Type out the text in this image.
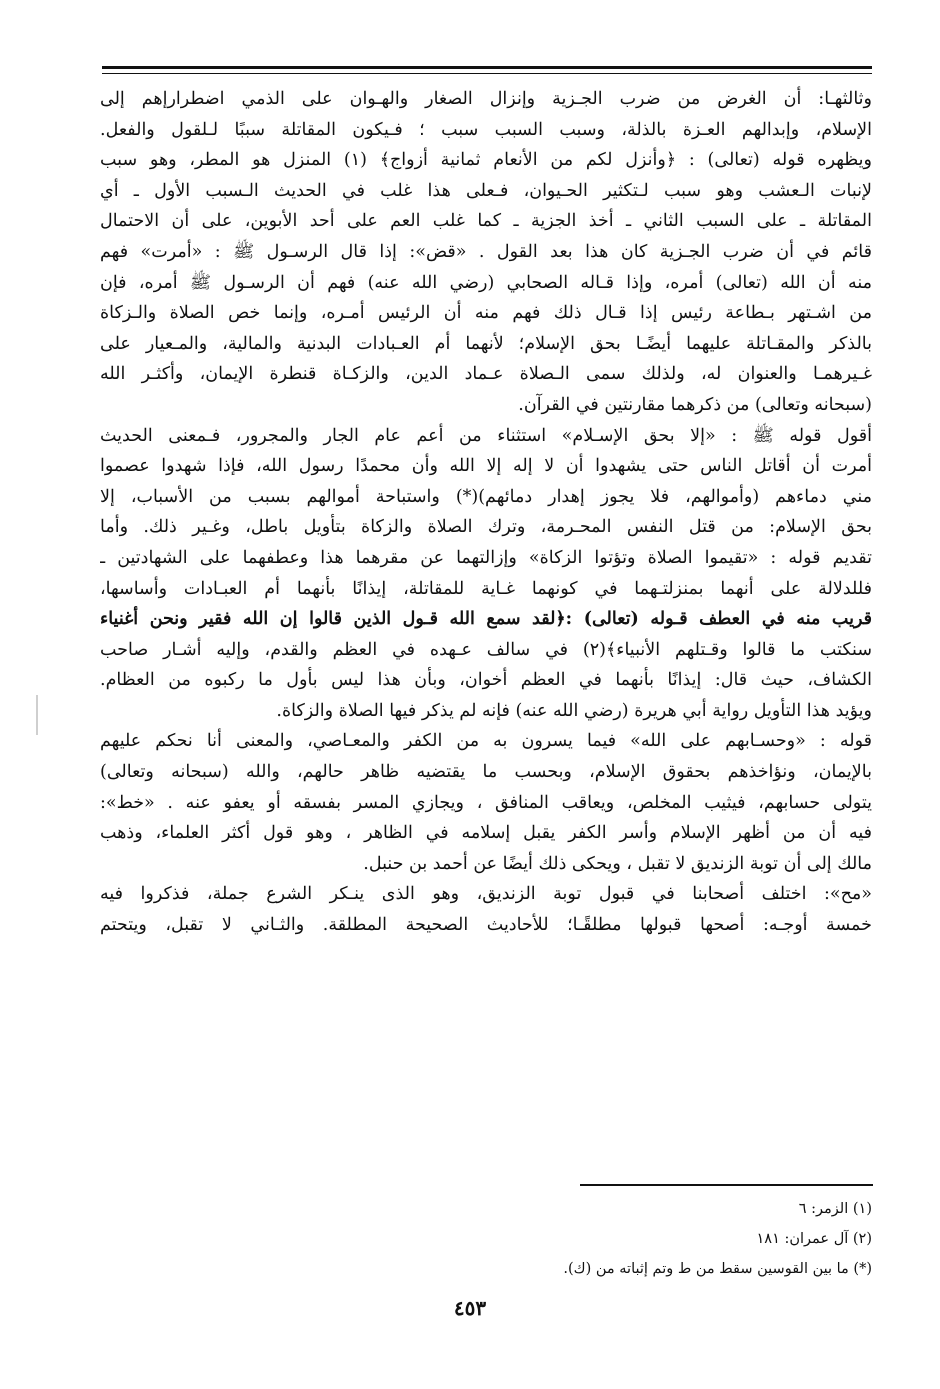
وثالثهـا: أن الغرض من ضرب الجـزية وإنزال الصغار والهـوان على الذمي اضطرارإهم إلى
الإسلام، وإبدالهم العـزة بالذلة، وسبب السبب سبب ؛ فـيكون المقاتلة سببًا لـلقول والفعل.
ويظهره قوله (تعالى) : ﴿وأنزل لكم من الأنعام ثمانية أزواج﴾ (١) المنزل هو المطر، وهو سبب
لإنبات الـعشب وهو سبب لـتكثير الحـيوان، فـعلى هذا غلب في الحديث الـسبب الأول ـ أي
المقاتلة ـ على السبب الثاني ـ أخذ الجزية ـ كما غلب العم على أحد الأبوين، على أن الاحتمال
قائم في أن ضرب الجـزية كان هذا بعد القول . «قض»: إذا قال الرسـول ﷺ : «أمرت» فهم
منه أن الله (تعالى) أمره، وإذا قـاله الصحابي (رضي الله عنه) فهم أن الرسـول ﷺ أمره، فإن
من اشـتهر بـطاعة رئيس إذا قـال ذلك فهم منه أن الرئيس أمـره، وإنما خص الصلاة والـزكاة
بالذكر والمقـاتلة عليهما أيضًـا بحق الإسلام؛ لأنهما أم العـبادات البدنية والمالية، والمـعيار على
غـيرهمـا والعنوان له، ولذلك سمى الـصلاة عـماد الدين، والزكـاة قنطرة الإيمان، وأكثـر الله
(سبحانه وتعالى) من ذكرهما مقارنتين في القرآن.
أقول قوله ﷺ : «إلا بحق الإسـلام» استثناء من أعم عام الجار والمجرور، فـمعنى الحديث
أمرت أن أقاتل الناس حتى يشهدوا أن لا إله إلا الله وأن محمدًا رسول الله، فإذا شهدوا عصموا
مني دماءهم (وأموالهم، فلا يجوز إهدار دمائهم)(*) واستباحة أموالهم بسبب من الأسباب، إلا
بحق الإسلام: من قتل النفس المحـرمة، وترك الصلاة والزكاة بتأويل باطل، وغـير ذلك. وأما
تقديم قوله : «تقيموا الصلاة وتؤتوا الزكاة» وإزالتهما عن مقرهما هذا وعطفهما على الشهادتين ـ
فللدلالة على أنهما بمنزلتـهما في كونهما غـاية للمقاتلة، إيذانًا بأنهما أم العبـادات وأساسها،
قريب منه في العطف قـوله (تعالى) :﴿لقد سمع الله قـول الذين قالوا إن الله فقير ونحن أغنياء
سنكتب ما قالوا وقـتلهم الأنبياء﴾(٢) في سالف عـهده في العظم والقدم، وإليه أشـار صاحب
الكشاف، حيث قال: إيذانًا بأنهما في العظم أخوان، وبأن هذا ليس بأول ما ركبوه من العظام.
ويؤيد هذا التأويل رواية أبي هريرة (رضي الله عنه) فإنه لم يذكر فيها الصلاة والزكاة.
قوله : «وحسـابهم على الله» فيما يسرون به من الكفر والمعـاصي، والمعنى أنا نحكم عليهم
بالإيمان، ونؤاخذهم بحقوق الإسلام، وبحسب ما يقتضيه ظاهر حالهم، والله (سبحانه وتعالى)
يتولى حسابهم، فيثيب المخلص، ويعاقب المنافق ، ويجازي المسر بفسقه أو يعفو عنه . «خط»:
فيه أن من أظهر الإسلام وأسر الكفر يقبل إسلامه في الظاهر ، وهو قول أكثر العلماء، وذهب
مالك إلى أن توبة الزنديق لا تقبل ، ويحكى ذلك أيضًا عن أحمد بن حنبل.
«مح»: اختلف أصحابنا في قبول توبة الزنديق، وهو الذى ينـكر الشرع جملة، فذكروا فيه
خمسة أوجـه: أصحها قبولها مطلقًـا؛ للأحاديث الصحيحة المطلقة. والثـاني لا تقبل، ويتحتم
(١) الزمر: ٦
(٢) آل عمران: ١٨١
(*) ما بين القوسين سقط من ط وتم إثباته من (ك).
٤٥٣
